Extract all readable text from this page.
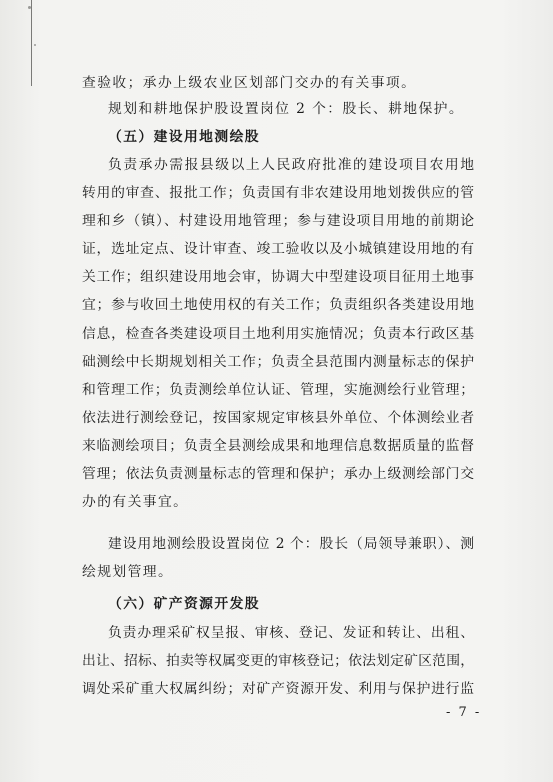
查验收；承办上级农业区划部门交办的有关事项。
规划和耕地保护股设置岗位 2 个：股长、耕地保护。
（五）建设用地测绘股
负责承办需报县级以上人民政府批准的建设项目农用地
转用的审查、报批工作；负责国有非农建设用地划拨供应的管
理和乡（镇）、村建设用地管理；参与建设项目用地的前期论
证，选址定点、设计审查、竣工验收以及小城镇建设用地的有
关工作；组织建设用地会审，协调大中型建设项目征用土地事
宜；参与收回土地使用权的有关工作；负责组织各类建设用地
信息，检查各类建设项目土地利用实施情况；负责本行政区基
础测绘中长期规划相关工作；负责全县范围内测量标志的保护
和管理工作；负责测绘单位认证、管理，实施测绘行业管理；
依法进行测绘登记，按国家规定审核县外单位、个体测绘业者
来临测绘项目；负责全县测绘成果和地理信息数据质量的监督
管理；依法负责测量标志的管理和保护；承办上级测绘部门交
办的有关事宜。
建设用地测绘股设置岗位 2 个：股长（局领导兼职）、测
绘规划管理。
（六）矿产资源开发股
负责办理采矿权呈报、审核、登记、发证和转让、出租、
出让、招标、拍卖等权属变更的审核登记；依法划定矿区范围，
调处采矿重大权属纠纷；对矿产资源开发、利用与保护进行监
- 7 -
